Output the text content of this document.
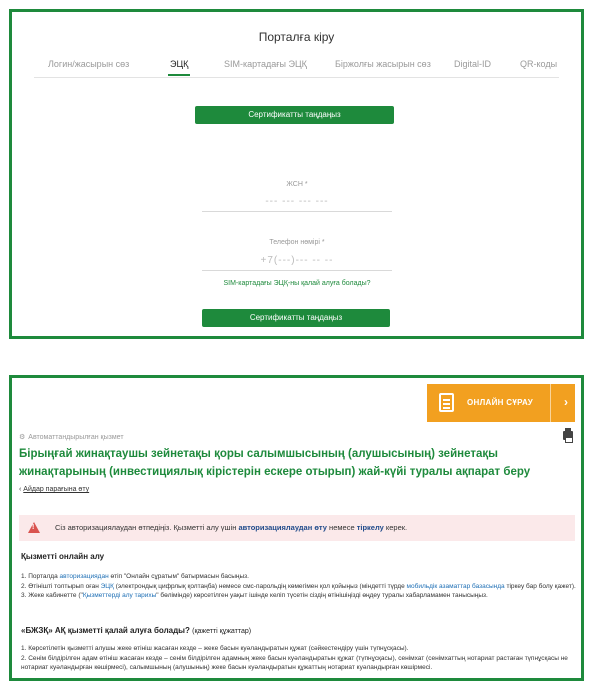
Порталға кіру
Логин/жасырын сөз	ЭЦҚ	SIM-картадағы ЭЦҚ	Біржолғы жасырын сөз	Digital-ID	QR-коды
Сертификатты таңдаңыз
ЖСН *
--- --- --- ---
Телефон нөмірі *
+7(---)--- -- --
SIM-картадағы ЭЦҚ-ны қалай алуға болады?
Сертификатты таңдаңыз
ОНЛАЙН СҰРАУ	›
⚙ Автоматтандырылған қызмет
Бірыңғай жинақтаушы зейнетақы қоры салымшысының (алушысының) зейнетақы жинақтарының (инвестициялық кірістерін ескере отырып) жай-күйі туралы ақпарат беру
‹ Айдар парағына өту
!
Сіз авторизациялаудан өтпедіңіз. Қызметті алу үшін авторизациялаудан өту немесе тіркелу керек.
Қызметті онлайн алу
1. Порталда авторизациядан өтіп "Онлайн сұратым" батырмасын басыңыз.
2. Өтінішті толтырып оған ЭЦҚ (электрондық цифрлық қолтаңба) немесе смс-парольдің көмегімен қол қойыңыз (міндетті түрде мобильдік азаматтар базасында тіркеу бар болу қажет).
3. Жеке кабинетте ("Қызметтерді алу тарихы" бөлімінде) көрсетілген уақыт ішінде келіп түсетін сіздің өтінішіңізді өңдеу туралы хабарламамен танысыңыз.
«БЖЗҚ» АҚ қызметті қалай алуға болады? (қажетті құжаттар)
1. Көрсетілетін қызметті алушы жеке өтініш жасаған кезде – жеке басын куәландыратын құжат (сәйкестендіру үшін түпнұсқасы).
2. Сенім білдірілген адам өтініш жасаған кезде – сенім білдірілген адамның жеке басын куәландыратын құжат (түпнұсқасы), сенімхат (сенімхаттың нотариат растаған түпнұсқасы не нотариат куәландырған көшірмесі), салымшының (алушының) жеке басын куәландыратын құжаттың нотариат куәландырған көшірмесі.
